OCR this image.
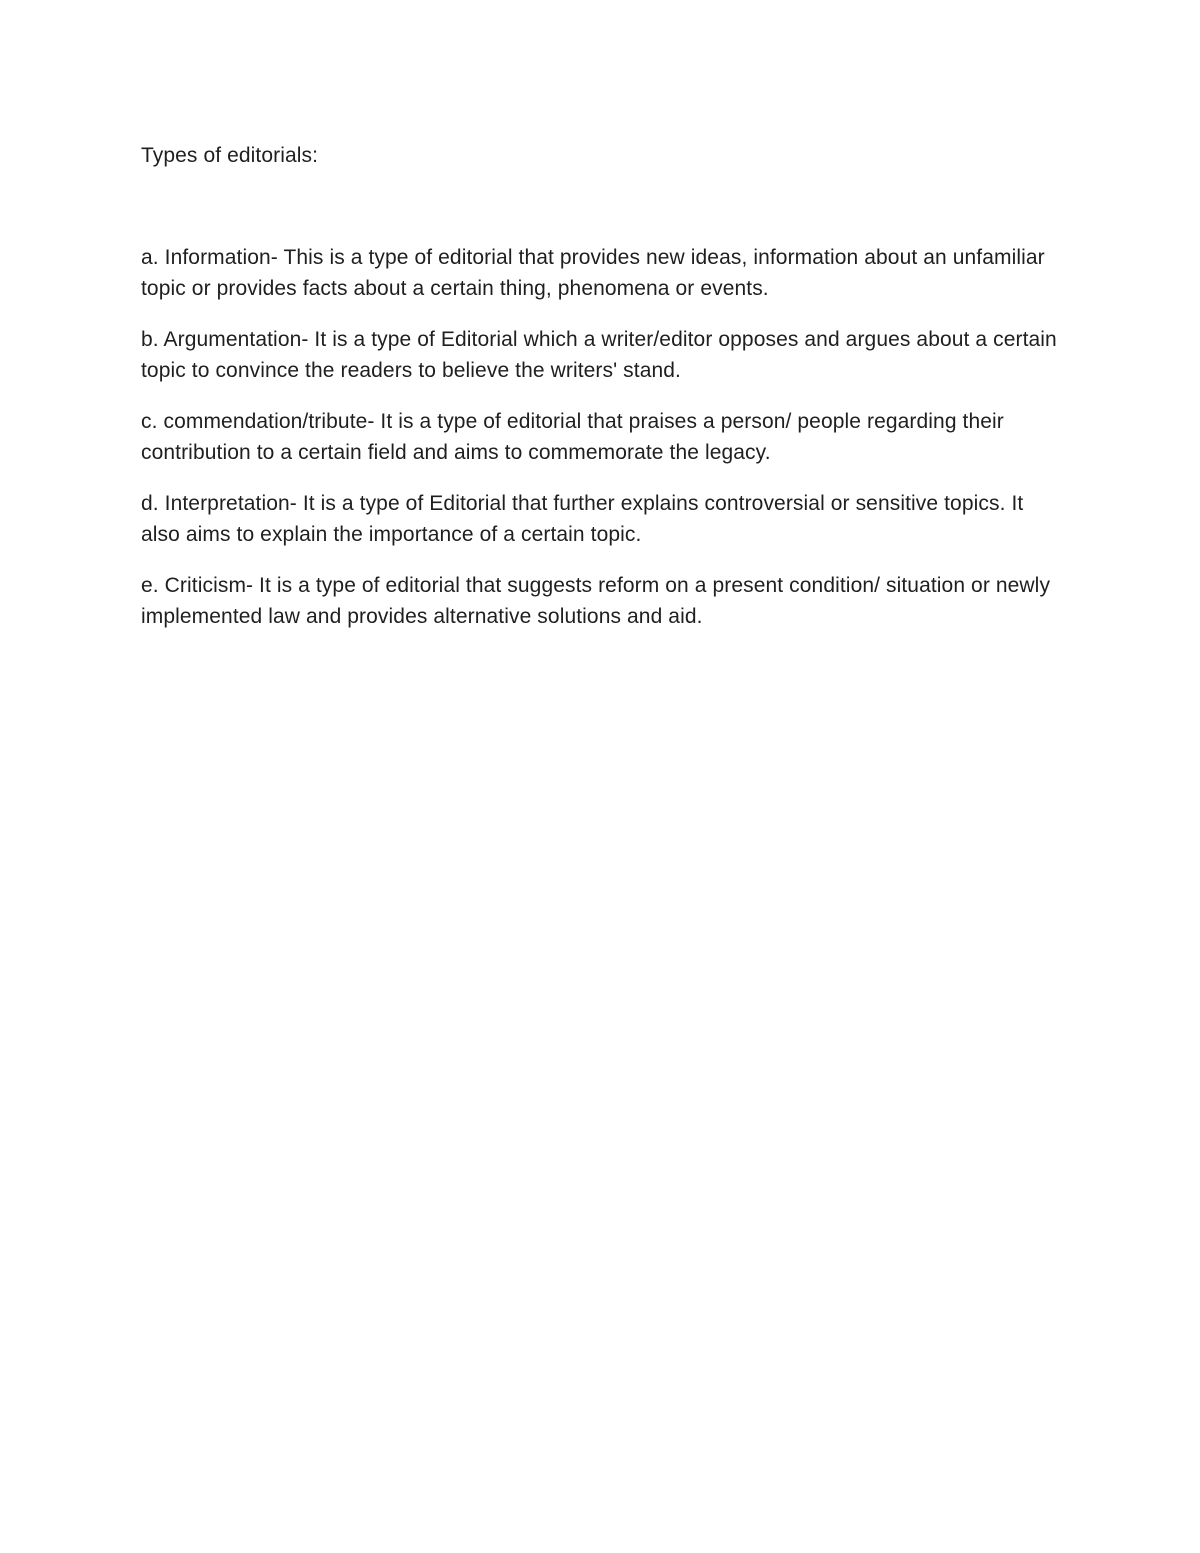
Types of editorials:

a. Information- This is a type of editorial that provides new ideas, information about an unfamiliar topic or provides facts about a certain thing, phenomena or events.

b. Argumentation- It is a type of Editorial which a writer/editor opposes and argues about a certain topic to convince the readers to believe the writers' stand.

c. commendation/tribute- It is a type of editorial that praises a person/ people regarding their contribution to a certain field and aims to commemorate the legacy.

d. Interpretation- It is a type of Editorial that further explains controversial or sensitive topics. It also aims to explain the importance of a certain topic.

e. Criticism- It is a type of editorial that suggests reform on a present condition/ situation or newly implemented law and provides alternative solutions and aid.
